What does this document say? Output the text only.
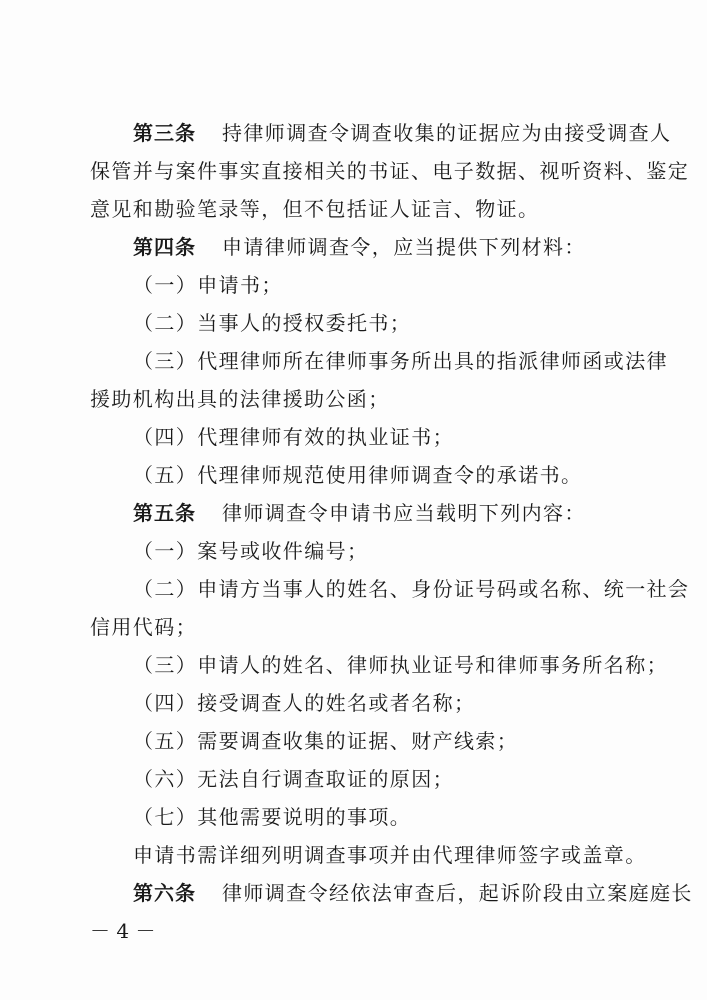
第三条 持律师调查令调查收集的证据应为由接受调查人
保管并与案件事实直接相关的书证、电子数据、视听资料、鉴定
意见和勘验笔录等，但不包括证人证言、物证。
第四条 申请律师调查令，应当提供下列材料：
（一）申请书；
（二）当事人的授权委托书；
（三）代理律师所在律师事务所出具的指派律师函或法律
援助机构出具的法律援助公函；
（四）代理律师有效的执业证书；
（五）代理律师规范使用律师调查令的承诺书。
第五条 律师调查令申请书应当载明下列内容：
（一）案号或收件编号；
（二）申请方当事人的姓名、身份证号码或名称、统一社会
信用代码；
（三）申请人的姓名、律师执业证号和律师事务所名称；
（四）接受调查人的姓名或者名称；
（五）需要调查收集的证据、财产线索；
（六）无法自行调查取证的原因；
（七）其他需要说明的事项。
申请书需详细列明调查事项并由代理律师签字或盖章。
第六条 律师调查令经依法审查后，起诉阶段由立案庭庭长
－ 4 －
